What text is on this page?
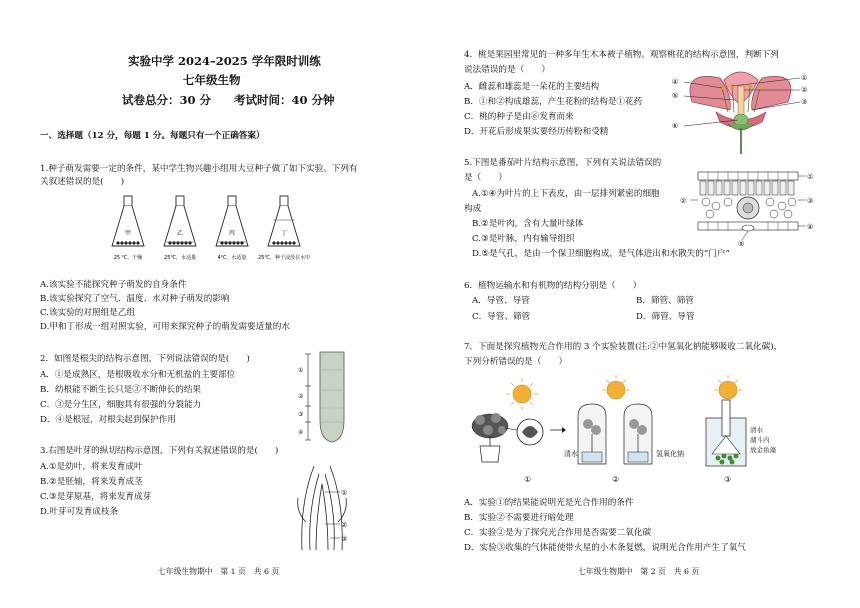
实验中学 2024–2025 学年限时训练
七年级生物
试卷总分：30 分　　考试时间：40 分钟
一、选择题（12 分，每题 1 分。每题只有一个正确答案）
1.种子萌发需要一定的条件，某中学生物兴趣小组用大豆种子做了如下实验。下列有
关叙述错误的是(　　)
甲
25 ℃，干燥
乙
25℃，水适量
丙
4℃，水适量
丁
25℃，种子浸没在水中
A.该实验不能探究种子萌发的自身条件
B.该实验探究了空气、温度、水对种子萌发的影响
C.该实验的对照组是乙组
D.甲和丁形成一组对照实验，可用来探究种子的萌发需要适量的水
2．如图是根尖的结构示意图，下列说法错误的是(　　)
A．①是成熟区，是根吸收水分和无机盐的主要部位
B．幼根能不断生长只是③不断伸长的结果
C．③是分生区，细胞具有很强的分裂能力
D．④是根冠，对根尖起到保护作用
①
②
③
④
3.右图是叶芽的纵切结构示意图，下列有关叙述错误的是(　　)
A.①是幼叶，将来发育成叶
B.②是胚轴，将来发育成茎
C.③是芽原基，将来发育成芽
D.叶芽可发育成枝条
①
②
③
七年级生物期中　第 1 页　共 6 页
4．桃是果园里常见的一种多年生木本被子植物。观察桃花的结构示意图，判断下列
说法错误的是（　　）
A．雌蕊和雄蕊是一朵花的主要结构
B．①和②构成雄蕊，产生花粉的结构是①花药
C．桃的种子是由⑥发育而来
D．开花后形成果实要经历传粉和受精
④
⑤
⑥
①
②
③
5.下图是番茄叶片结构示意图，下列有关说法错误的
是（　　）
A.①④为叶片的上下表皮，由一层排列紧密的细胞
构成
B.②是叶肉，含有大量叶绿体
C.③是叶脉，内有输导组织
D.⑤是气孔，是由一个保卫细胞构成，是气体进出和水散失的“门户”
①
②	③
④
⑤
6．植物运输水和有机物的结构分别是（　　）
A．导管、导管	B．筛管、筛管
C．导管、筛管	D．筛管、导管
7．下面是探究植物光合作用的 3 个实验装置(注:②中氢氧化钠能够吸收二氧化碳)，
下列分析错误的是（　　）
①
清水	氢氧化钠
②
清水
湖斗内
放金鱼藻
③
A．实验①的结果能说明光是光合作用的条件
B．实验②不需要进行暗处理
C．实验②是为了探究光合作用是否需要二氧化碳
D．实验③收集的气体能使带火星的小木条复燃，说明光合作用产生了氧气
七年级生物期中　第 2 页　共 6 页
